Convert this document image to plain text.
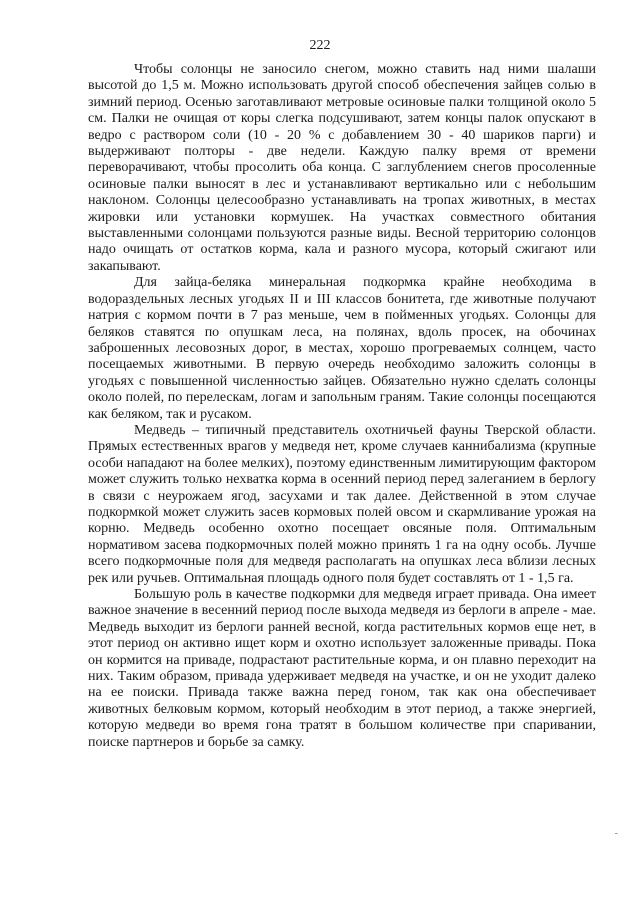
222

Чтобы солонцы не заносило снегом, можно ставить над ними шалаши высотой до 1,5 м. Можно использовать другой способ обеспечения зайцев солью в зимний период. Осенью заготавливают метровые осиновые палки толщиной около 5 см. Палки не очищая от коры слегка подсушивают, затем концы палок опускают в ведро с раствором соли (10 - 20 % с добавлением 30 - 40 шариков парги) и выдерживают полторы - две недели. Каждую палку время от времени переворачивают, чтобы просолить оба конца. С заглублением снегов просоленные осиновые палки выносят в лес и устанавливают вертикально или с небольшим наклоном. Солонцы целесообразно устанавливать на тропах животных, в местах жировки или установки кормушек. На участках совместного обитания выставленными солонцами пользуются разные виды. Весной территорию солонцов надо очищать от остатков корма, кала и разного мусора, который сжигают или закапывают.

Для зайца-беляка минеральная подкормка крайне необходима в водораздельных лесных угодьях II и III классов бонитета, где животные получают натрия с кормом почти в 7 раз меньше, чем в пойменных угодьях. Солонцы для беляков ставятся по опушкам леса, на полянах, вдоль просек, на обочинах заброшенных лесовозных дорог, в местах, хорошо прогреваемых солнцем, часто посещаемых животными. В первую очередь необходимо заложить солонцы в угодьях с повышенной численностью зайцев. Обязательно нужно сделать солонцы около полей, по перелескам, логам и запольным граням. Такие солонцы посещаются как беляком, так и русаком.

Медведь – типичный представитель охотничьей фауны Тверской области. Прямых естественных врагов у медведя нет, кроме случаев каннибализма (крупные особи нападают на более мелких), поэтому единственным лимитирующим фактором может служить только нехватка корма в осенний период перед залеганием в берлогу в связи с неурожаем ягод, засухами и так далее. Действенной в этом случае подкормкой может служить засев кормовых полей овсом и скармливание урожая на корню. Медведь особенно охотно посещает овсяные поля. Оптимальным нормативом засева подкормочных полей можно принять 1 га на одну особь. Лучше всего подкормочные поля для медведя располагать на опушках леса вблизи лесных рек или ручьев. Оптимальная площадь одного поля будет составлять от 1 - 1,5 га.

Большую роль в качестве подкормки для медведя играет привада. Она имеет важное значение в весенний период после выхода медведя из берлоги в апреле - мае. Медведь выходит из берлоги ранней весной, когда растительных кормов еще нет, в этот период он активно ищет корм и охотно использует заложенные привады. Пока он кормится на приваде, подрастают растительные корма, и он плавно переходит на них. Таким образом, привада удерживает медведя на участке, и он не уходит далеко на ее поиски. Привада также важна перед гоном, так как она обеспечивает животных белковым кормом, который необходим в этот период, а также энергией, которую медведи во время гона тратят в большом количестве при спаривании, поиске партнеров и борьбе за самку.

-
